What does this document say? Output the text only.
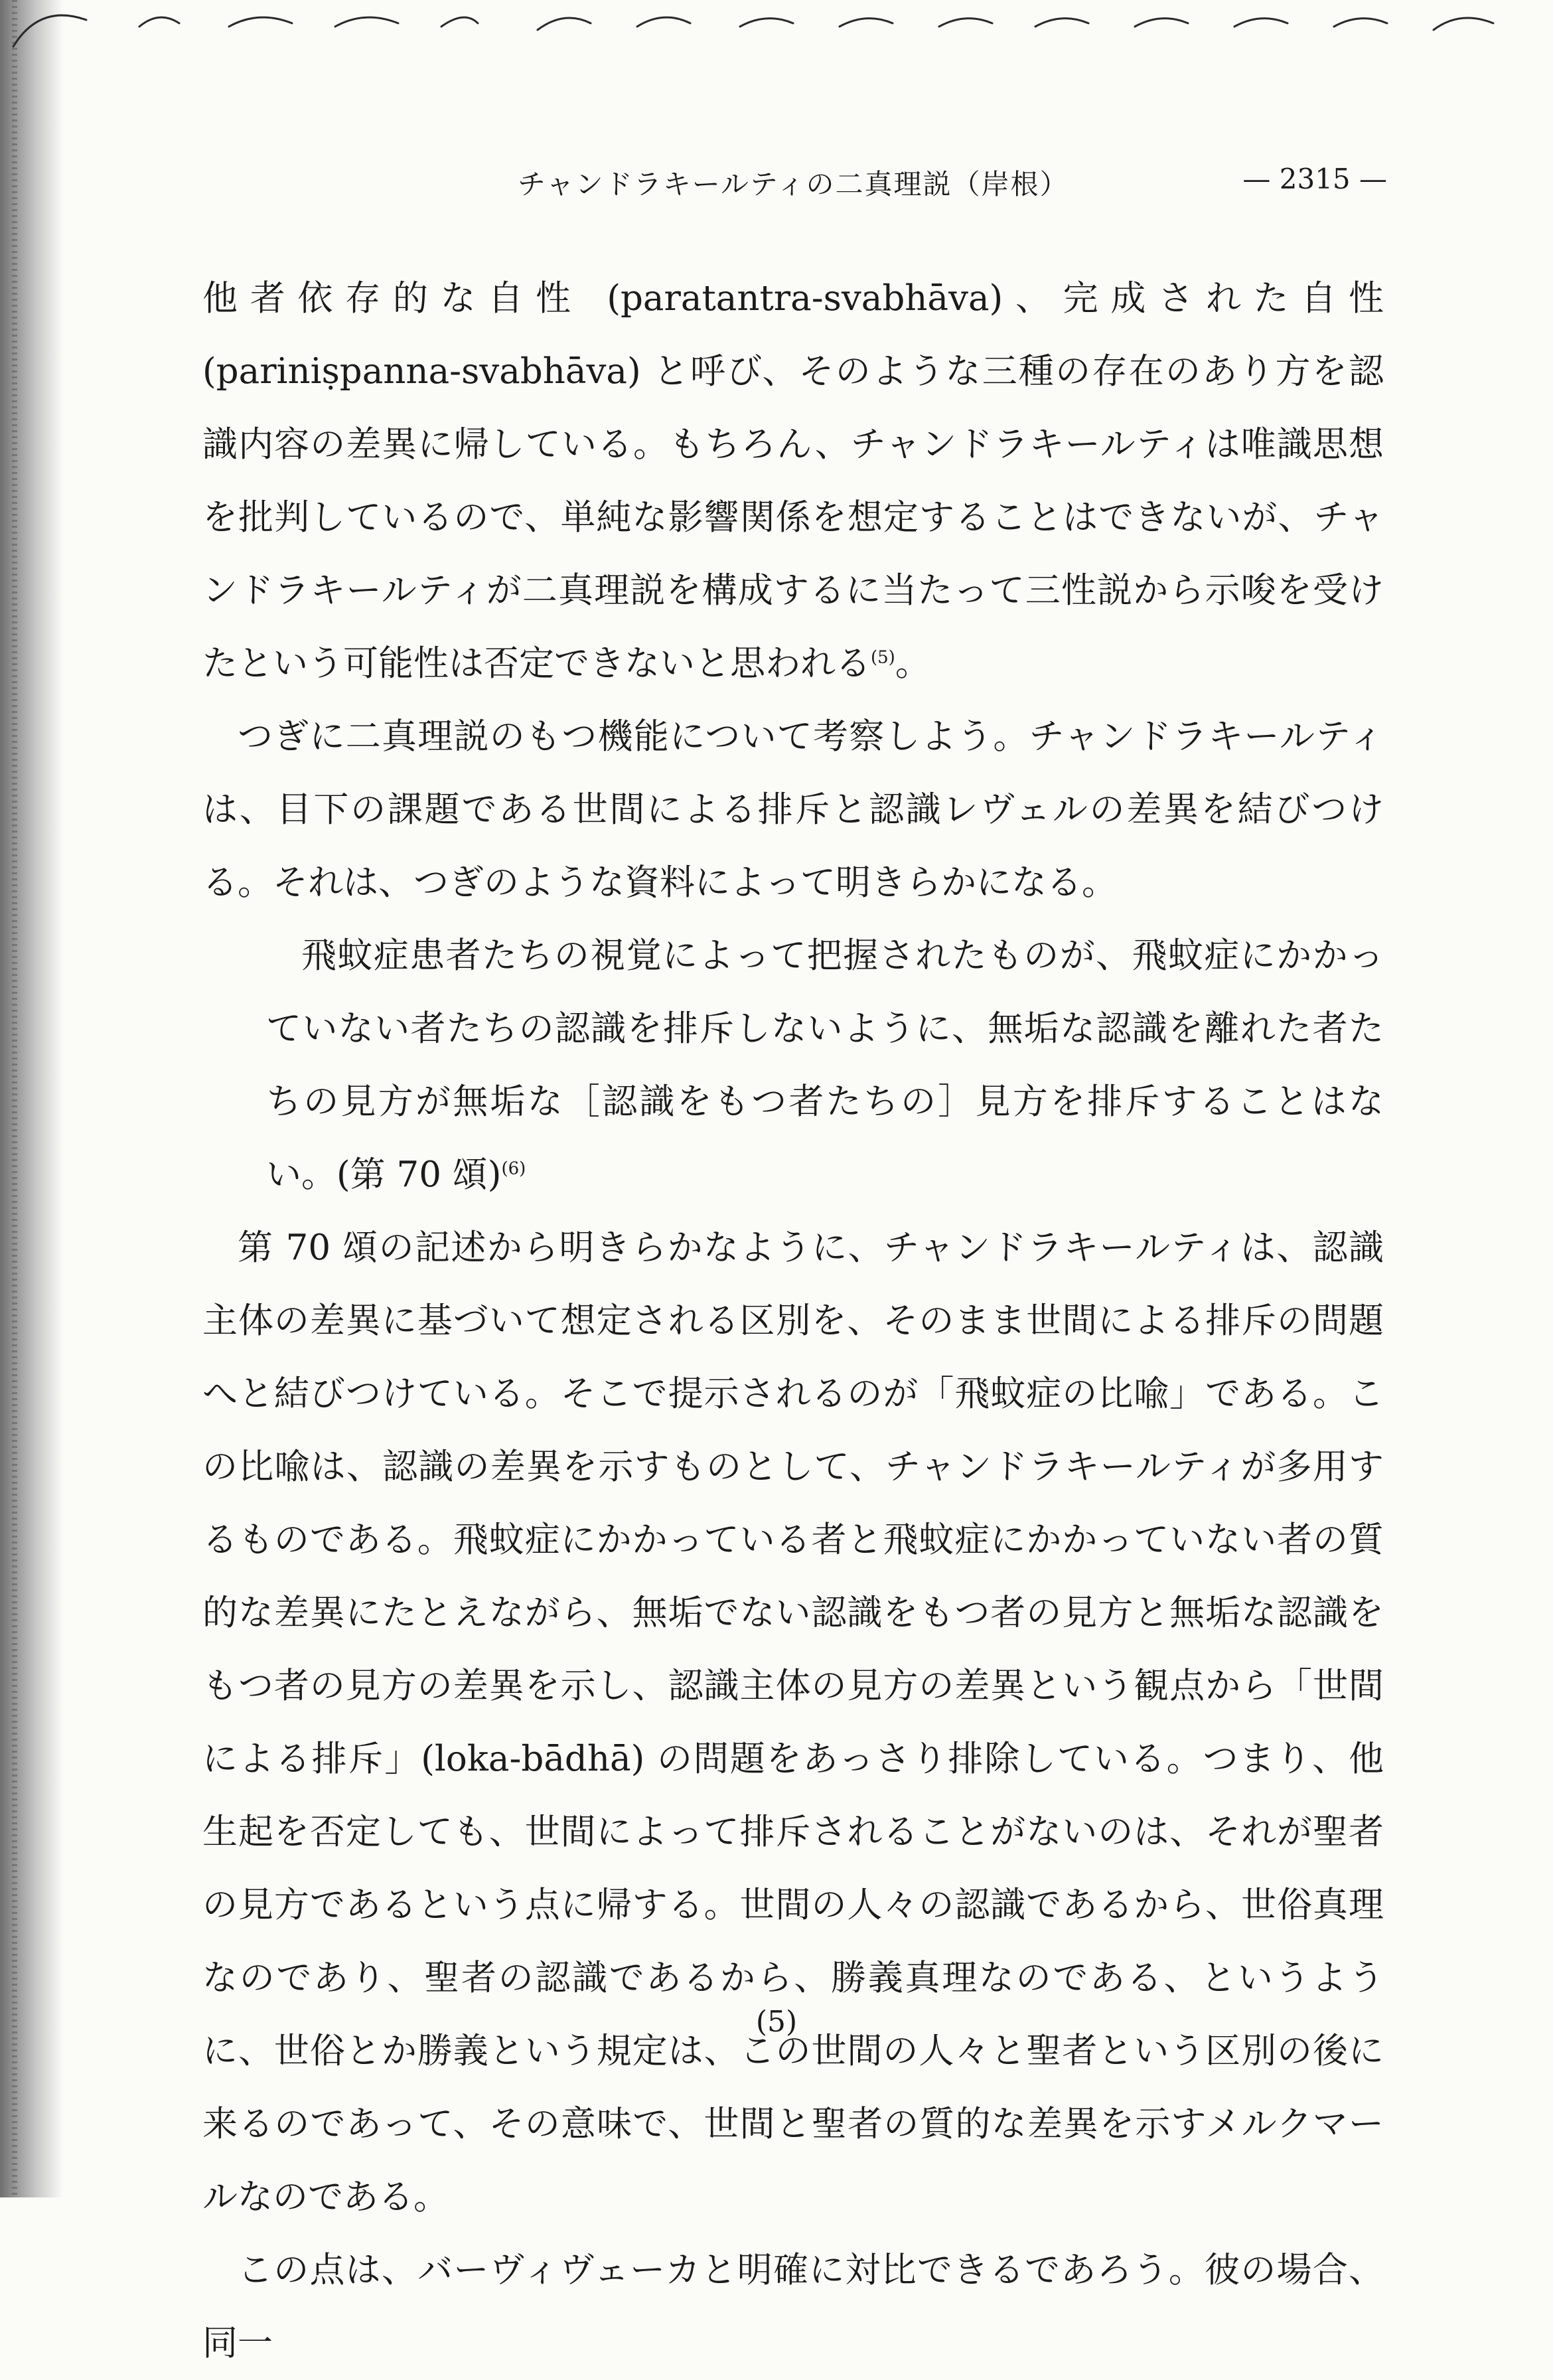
チャンドラキールティの二真理説（岸根）	— 2315 —

他者依存的な自性 (paratantra-svabhāva)、完成された自性 (pariniṣpanna-svabhāva) と呼び、そのような三種の存在のあり方を認識内容の差異に帰している。もちろん、チャンドラキールティは唯識思想を批判しているので、単純な影響関係を想定することはできないが、チャンドラキールティが二真理説を構成するに当たって三性説から示唆を受けたという可能性は否定できないと思われる$^{(5)}$。

つぎに二真理説のもつ機能について考察しよう。チャンドラキールティは、目下の課題である世間による排斥と認識レヴェルの差異を結びつける。それは、つぎのような資料によって明きらかになる。

飛蚊症患者たちの視覚によって把握されたものが、飛蚊症にかかっていない者たちの認識を排斥しないように、無垢な認識を離れた者たちの見方が無垢な［認識をもつ者たちの］見方を排斥することはない。(第 70 頌)$^{(6)}$

第 70 頌の記述から明きらかなように、チャンドラキールティは、認識主体の差異に基づいて想定される区別を、そのまま世間による排斥の問題へと結びつけている。そこで提示されるのが「飛蚊症の比喩」である。この比喩は、認識の差異を示すものとして、チャンドラキールティが多用するものである。飛蚊症にかかっている者と飛蚊症にかかっていない者の質的な差異にたとえながら、無垢でない認識をもつ者の見方と無垢な認識をもつ者の見方の差異を示し、認識主体の見方の差異という観点から「世間による排斥」(loka-bādhā) の問題をあっさり排除している。つまり、他生起を否定しても、世間によって排斥されることがないのは、それが聖者の見方であるという点に帰する。世間の人々の認識であるから、世俗真理なのであり、聖者の認識であるから、勝義真理なのである、というように、世俗とか勝義という規定は、この世間の人々と聖者という区別の後に来るのであって、その意味で、世間と聖者の質的な差異を示すメルクマールなのである。

この点は、バーヴィヴェーカと明確に対比できるであろう。彼の場合、同一

(5)
